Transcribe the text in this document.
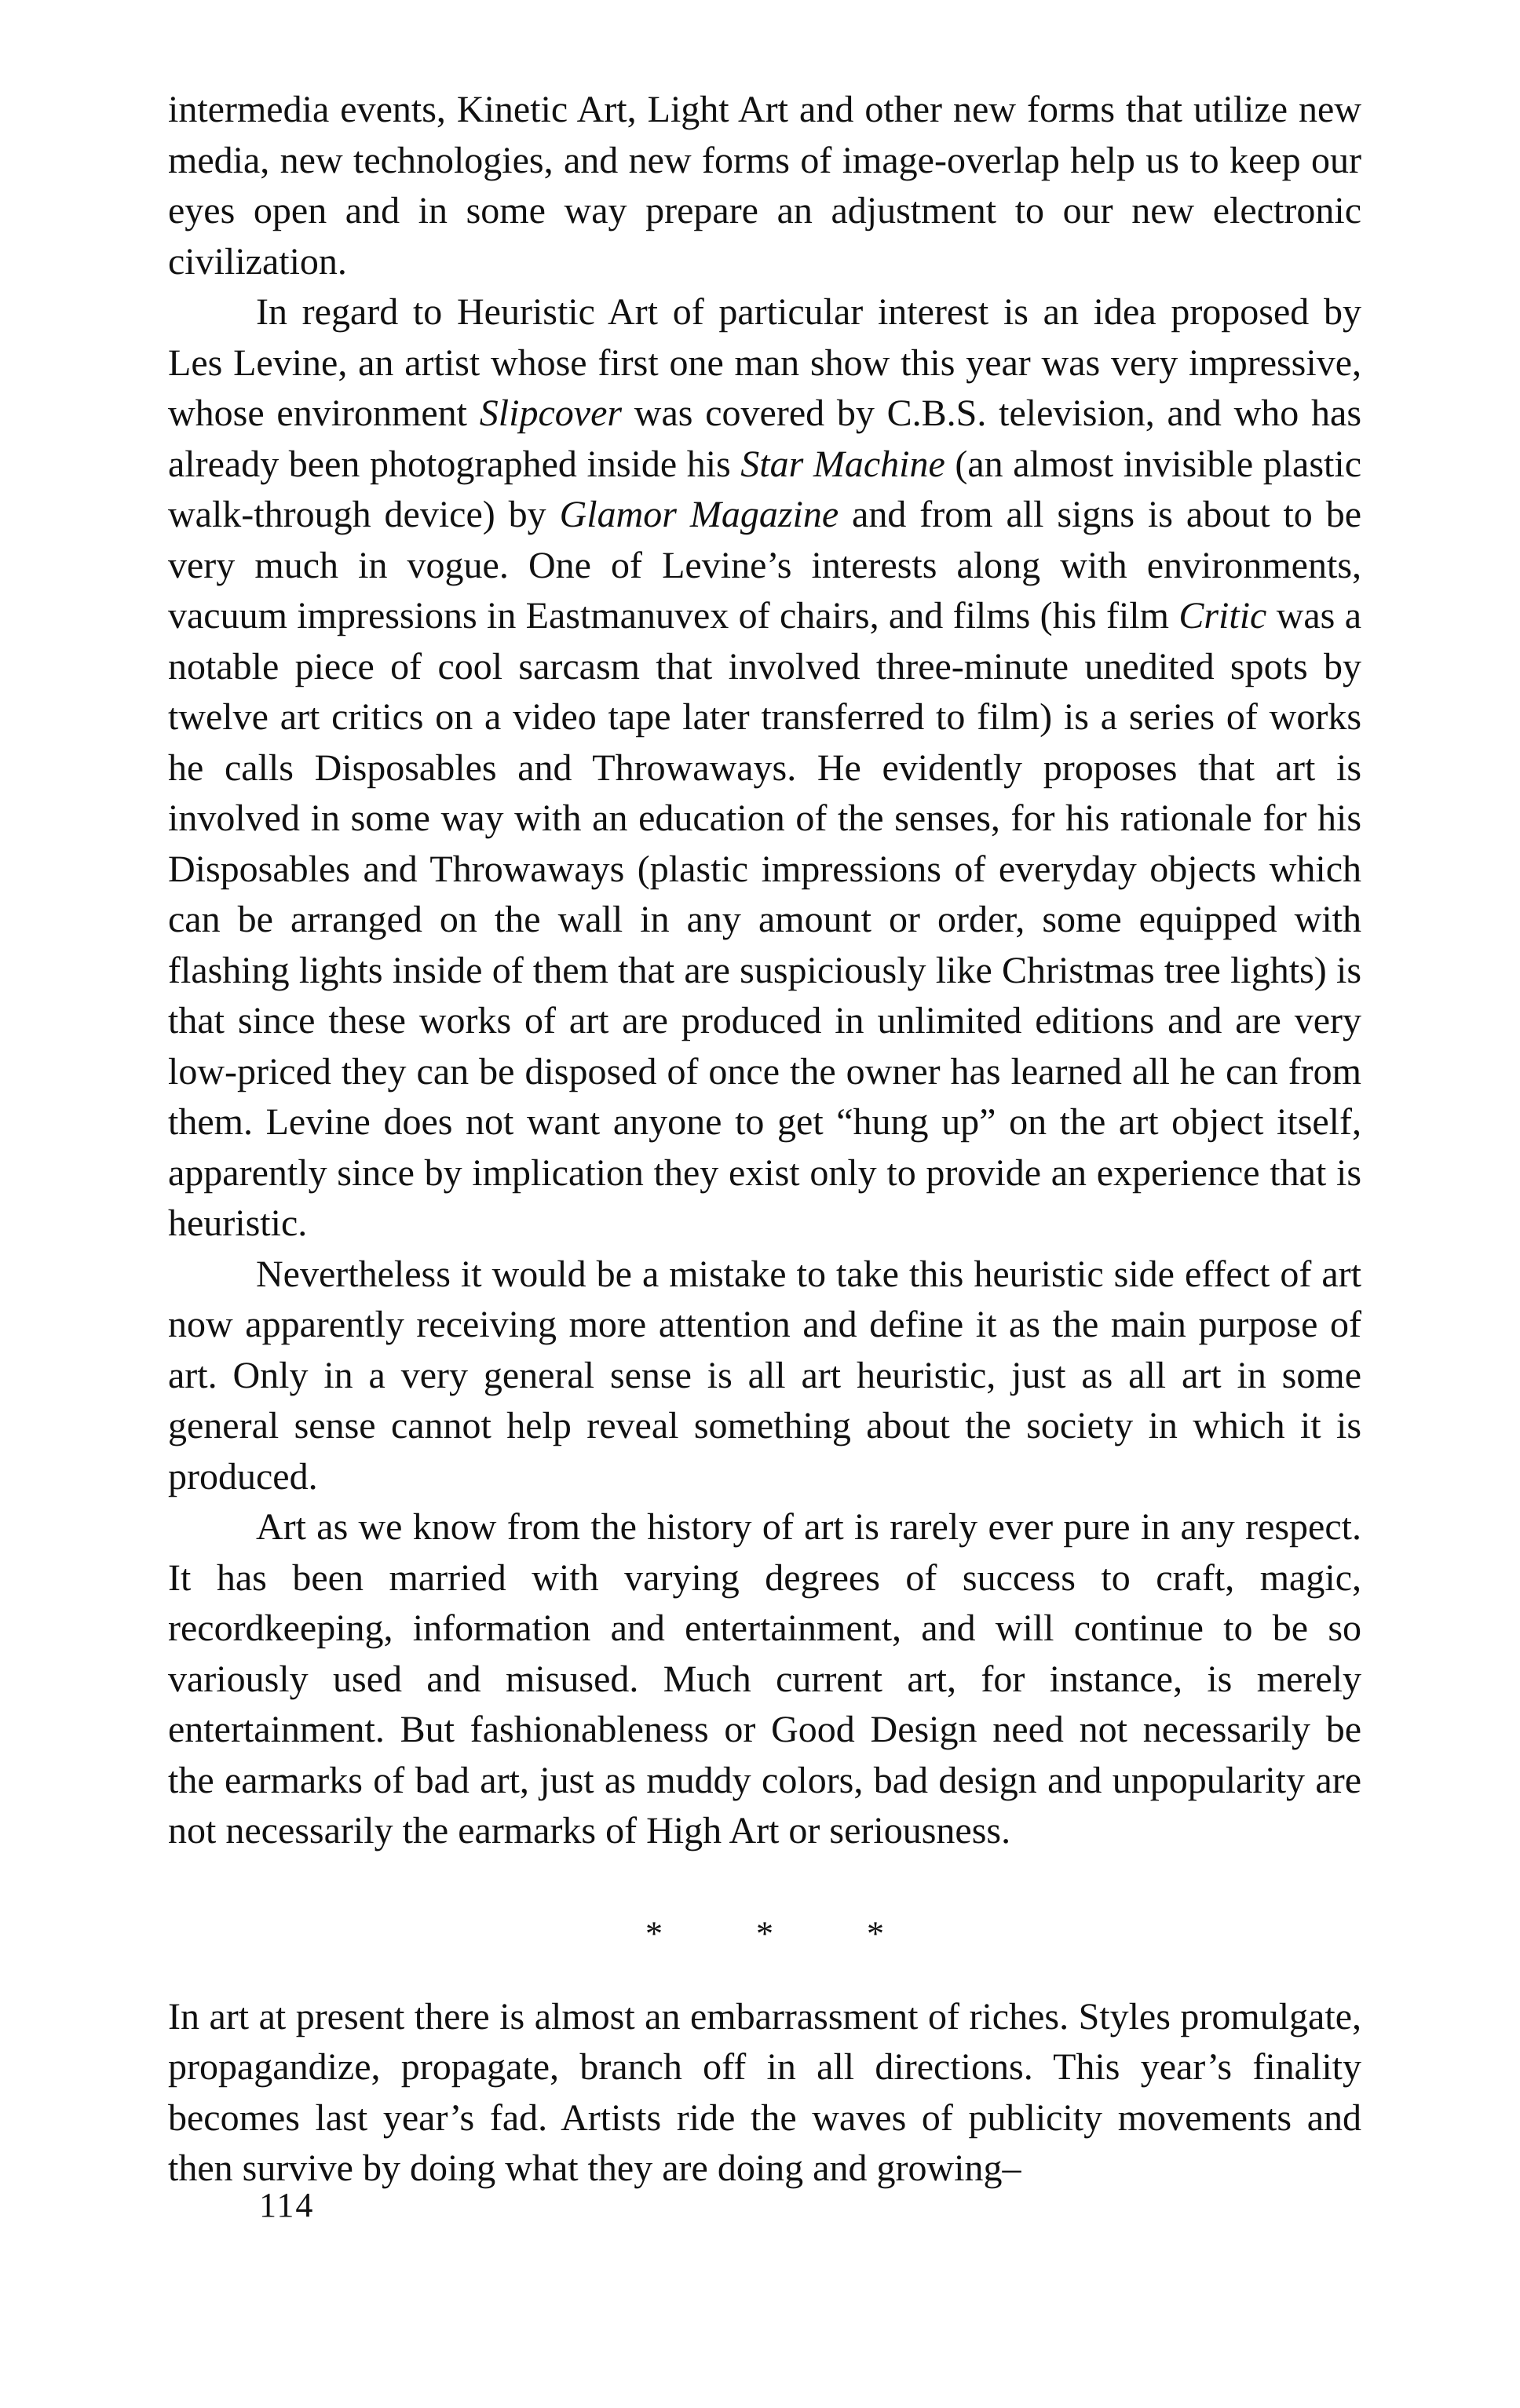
intermedia events, Kinetic Art, Light Art and other new forms that utilize new media, new technologies, and new forms of image-overlap help us to keep our eyes open and in some way prepare an adjustment to our new electronic civilization.

In regard to Heuristic Art of particular interest is an idea proposed by Les Levine, an artist whose first one man show this year was very impressive, whose environment Slipcover was covered by C.B.S. television, and who has already been photographed inside his Star Machine (an almost invisible plastic walk-through device) by Glamor Magazine and from all signs is about to be very much in vogue. One of Levine’s interests along with environments, vacuum impressions in Eastmanuvex of chairs, and films (his film Critic was a notable piece of cool sarcasm that involved three-minute unedited spots by twelve art critics on a video tape later transferred to film) is a series of works he calls Disposables and Throwaways. He evidently proposes that art is involved in some way with an education of the senses, for his rationale for his Disposables and Throwaways (plastic impressions of everyday objects which can be arranged on the wall in any amount or order, some equipped with flashing lights inside of them that are suspiciously like Christmas tree lights) is that since these works of art are produced in unlimited editions and are very low-priced they can be disposed of once the owner has learned all he can from them. Levine does not want anyone to get “hung up” on the art object itself, apparently since by implication they exist only to provide an experience that is heuristic.

Nevertheless it would be a mistake to take this heuristic side effect of art now apparently receiving more attention and define it as the main purpose of art. Only in a very general sense is all art heuristic, just as all art in some general sense cannot help reveal something about the society in which it is produced.

Art as we know from the history of art is rarely ever pure in any respect. It has been married with varying degrees of success to craft, magic, recordkeeping, information and entertainment, and will continue to be so variously used and misused. Much current art, for instance, is merely entertainment. But fashionableness or Good Design need not necessarily be the earmarks of bad art, just as muddy colors, bad design and unpopularity are not necessarily the earmarks of High Art or seriousness.

*	*	*

In art at present there is almost an embarrassment of riches. Styles promulgate, propagandize, propagate, branch off in all directions. This year’s finality becomes last year’s fad. Artists ride the waves of publicity movements and then survive by doing what they are doing and growing–

114
